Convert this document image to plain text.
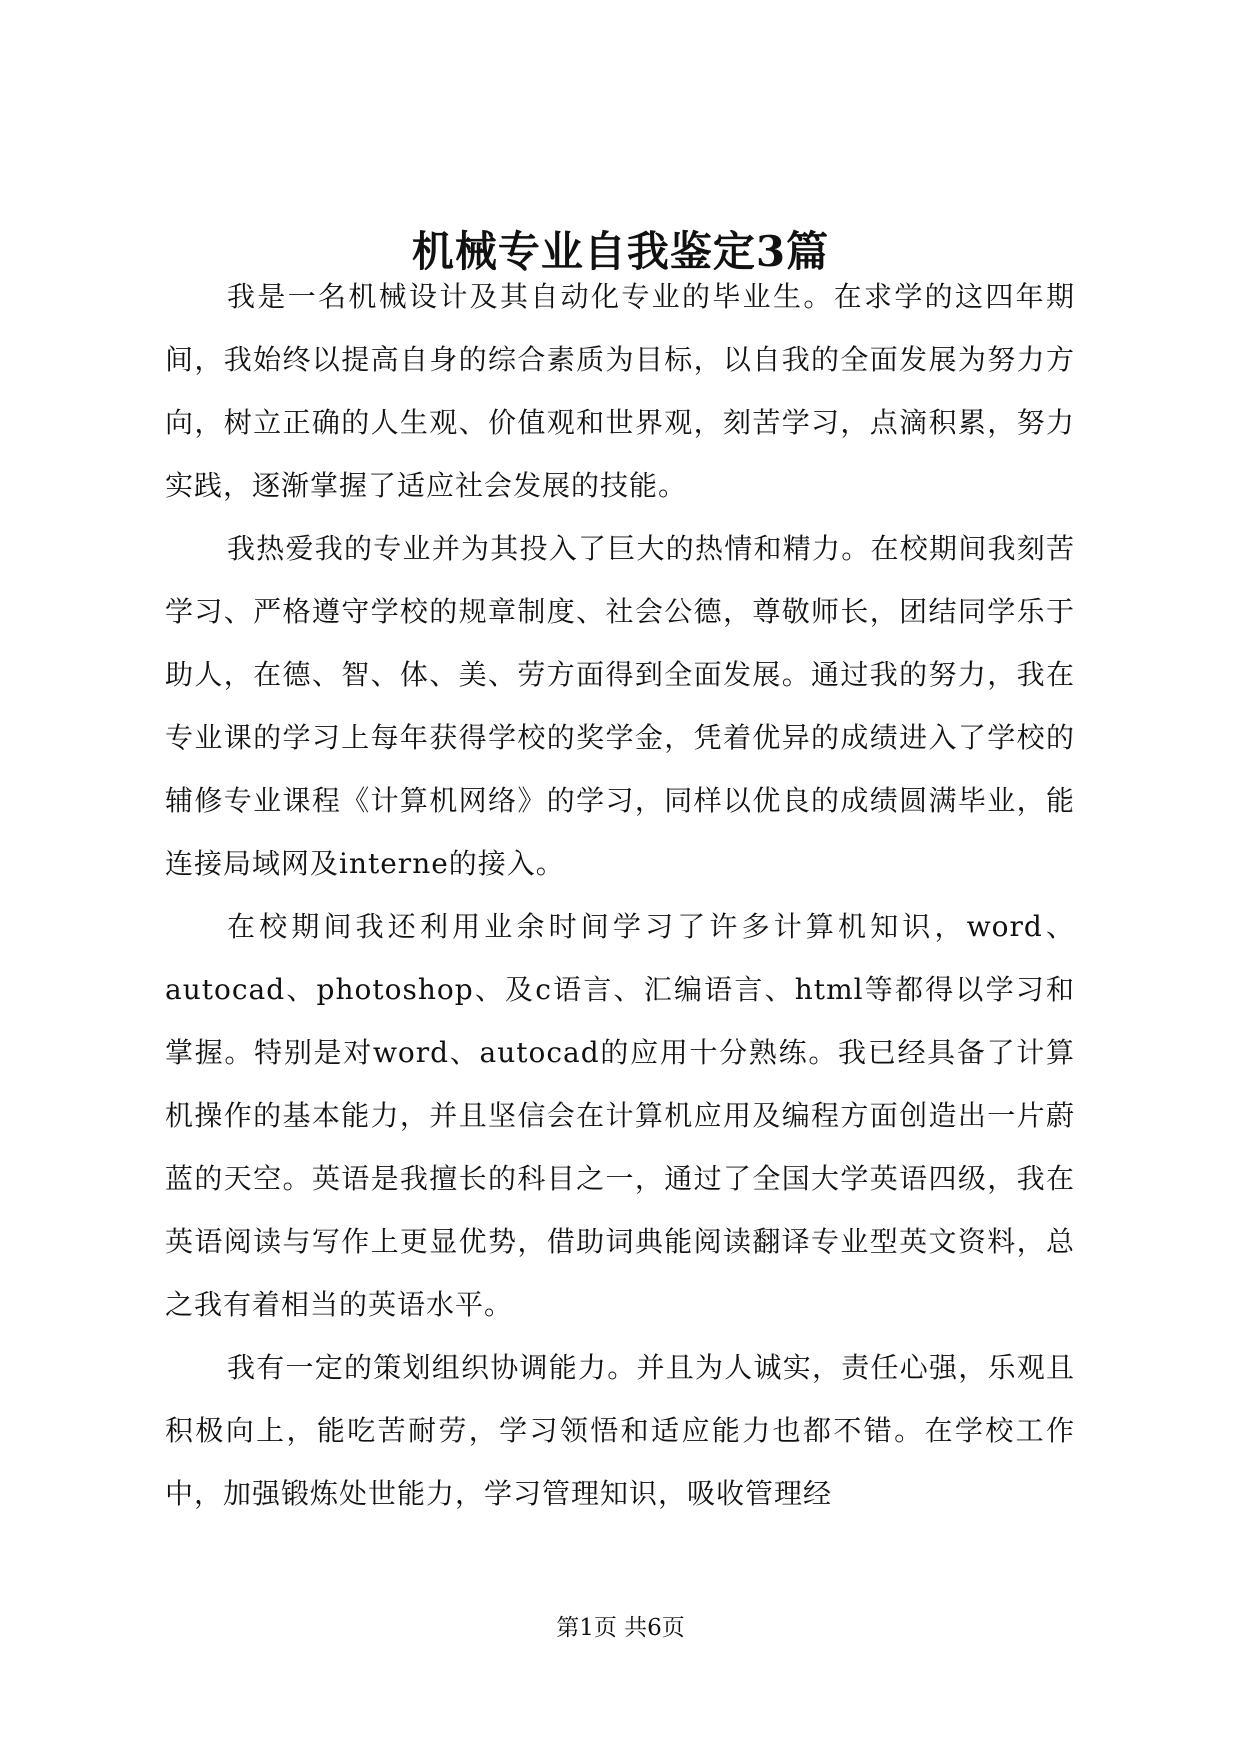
机械专业自我鉴定3篇

我是一名机械设计及其自动化专业的毕业生。在求学的这四年期间，我始终以提高自身的综合素质为目标，以自我的全面发展为努力方向，树立正确的人生观、价值观和世界观，刻苦学习，点滴积累，努力实践，逐渐掌握了适应社会发展的技能。

我热爱我的专业并为其投入了巨大的热情和精力。在校期间我刻苦学习、严格遵守学校的规章制度、社会公德，尊敬师长，团结同学乐于助人，在德、智、体、美、劳方面得到全面发展。通过我的努力，我在专业课的学习上每年获得学校的奖学金，凭着优异的成绩进入了学校的辅修专业课程《计算机网络》的学习，同样以优良的成绩圆满毕业，能连接局域网及interne的接入。

在校期间我还利用业余时间学习了许多计算机知识，word、autocad、photoshop、及c语言、汇编语言、html等都得以学习和掌握。特别是对word、autocad的应用十分熟练。我已经具备了计算机操作的基本能力，并且坚信会在计算机应用及编程方面创造出一片蔚蓝的天空。英语是我擅长的科目之一，通过了全国大学英语四级，我在英语阅读与写作上更显优势，借助词典能阅读翻译专业型英文资料，总之我有着相当的英语水平。

我有一定的策划组织协调能力。并且为人诚实，责任心强，乐观且积极向上，能吃苦耐劳，学习领悟和适应能力也都不错。在学校工作中，加强锻炼处世能力，学习管理知识，吸收管理经

第1页 共6页
